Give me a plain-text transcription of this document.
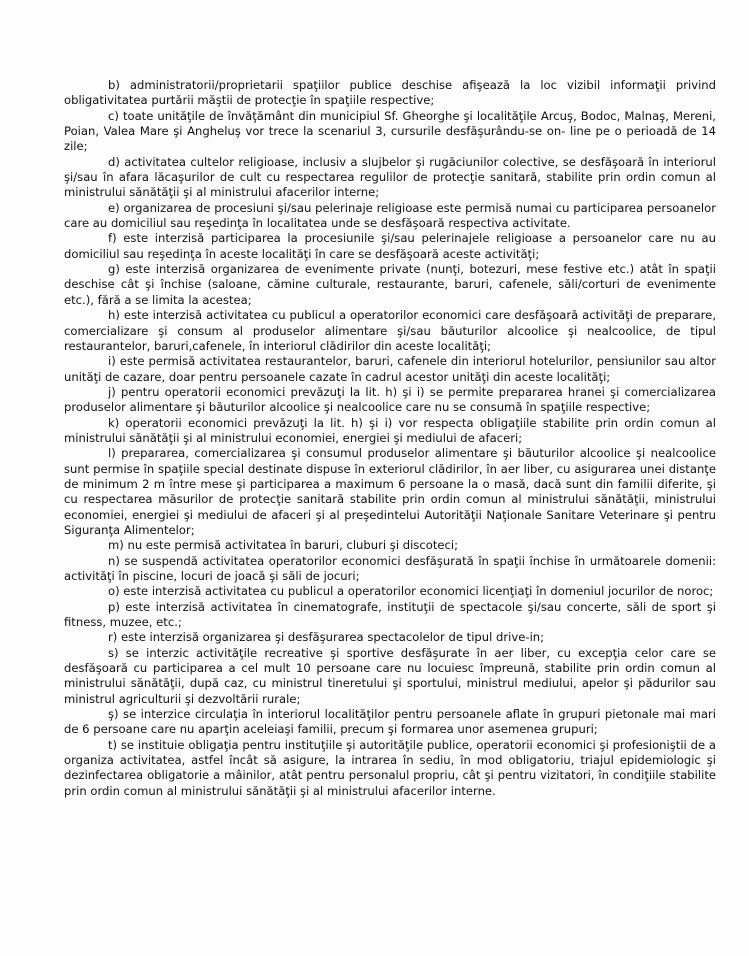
b) administratorii/proprietarii spaţiilor publice deschise afişează la loc vizibil informaţii privind obligativitatea purtării măştii de protecţie în spaţiile respective;

c) toate unităţile de învăţământ din municipiul Sf. Gheorghe şi localităţile Arcuş, Bodoc, Malnaş, Mereni, Poian, Valea Mare şi Angheluş vor trece la scenariul 3, cursurile desfăşurându-se on- line pe o perioadă de 14 zile;

d) activitatea cultelor religioase, inclusiv a slujbelor şi rugăciunilor colective, se desfăşoară în interiorul şi/sau în afara lăcaşurilor de cult cu respectarea regulilor de protecţie sanitară, stabilite prin ordin comun al ministrului sănătăţii şi al ministrului afacerilor interne;

e) organizarea de procesiuni şi/sau pelerinaje religioase este permisă numai cu participarea persoanelor care au domiciliul sau reşedinţa în localitatea unde se desfăşoară respectiva activitate.

f) este interzisă participarea la procesiunile şi/sau pelerinajele religioase a persoanelor care nu au domiciliul sau reşedinţa în aceste localităţi în care se desfăşoară aceste activităţi;

g) este interzisă organizarea de evenimente private (nunţi, botezuri, mese festive etc.) atât în spaţii deschise cât şi închise (saloane, cămine culturale, restaurante, baruri, cafenele, săli/corturi de evenimente etc.), fără a se limita la acestea;

h) este interzisă activitatea cu publicul a operatorilor economici care desfăşoară activităţi de preparare, comercializare şi consum al produselor alimentare şi/sau băuturilor alcoolice şi nealcoolice, de tipul restaurantelor, baruri,cafenele, în interiorul clădirilor din aceste localităţi;

i) este permisă activitatea restaurantelor, baruri, cafenele din interiorul hotelurilor, pensiunilor sau altor unităţi de cazare, doar pentru persoanele cazate în cadrul acestor unităţi din aceste localităţi;

j) pentru operatorii economici prevăzuţi la lit. h) şi i) se permite prepararea hranei şi comercializarea produselor alimentare şi băuturilor alcoolice şi nealcoolice care nu se consumă în spaţiile respective;

k) operatorii economici prevăzuţi la lit. h) şi i) vor respecta obligaţiile stabilite prin ordin comun al ministrului sănătăţii şi al ministrului economiei, energiei şi mediului de afaceri;

l) prepararea, comercializarea şi consumul produselor alimentare şi băuturilor alcoolice şi nealcoolice sunt permise în spaţiile special destinate dispuse în exteriorul clădirilor, în aer liber, cu asigurarea unei distanţe de minimum 2 m între mese şi participarea a maximum 6 persoane la o masă, dacă sunt din familii diferite, şi cu respectarea măsurilor de protecţie sanitară stabilite prin ordin comun al ministrului sănătăţii, ministrului economiei, energiei şi mediului de afaceri şi al preşedintelui Autorităţii Naţionale Sanitare Veterinare şi pentru Siguranţa Alimentelor;

m) nu este permisă activitatea în baruri, cluburi şi discoteci;

n) se suspendă activitatea operatorilor economici desfăşurată în spaţii închise în următoarele domenii: activităţi în piscine, locuri de joacă şi săli de jocuri;

o) este interzisă activitatea cu publicul a operatorilor economici licenţiaţi în domeniul jocurilor de noroc;

p) este interzisă activitatea în cinematografe, instituţii de spectacole şi/sau concerte, săli de sport şi fitness, muzee, etc.;

r) este interzisă organizarea şi desfăşurarea spectacolelor de tipul drive-in;

s) se interzic activităţile recreative şi sportive desfăşurate în aer liber, cu excepţia celor care se desfăşoară cu participarea a cel mult 10 persoane care nu locuiesc împreună, stabilite prin ordin comun al ministrului sănătăţii, după caz, cu ministrul tineretului şi sportului, ministrul mediului, apelor şi pădurilor sau ministrul agriculturii şi dezvoltării rurale;

ş) se interzice circulaţia în interiorul localităţilor pentru persoanele aflate în grupuri pietonale mai mari de 6 persoane care nu aparţin aceleiaşi familii, precum şi formarea unor asemenea grupuri;

t) se instituie obligaţia pentru instituţiile şi autorităţile publice, operatorii economici şi profesioniştii de a organiza activitatea, astfel încât să asigure, la intrarea în sediu, în mod obligatoriu, triajul epidemiologic şi dezinfectarea obligatorie a mâinilor, atât pentru personalul propriu, cât şi pentru vizitatori, în condiţiile stabilite prin ordin comun al ministrului sănătăţii şi al ministrului afacerilor interne.
